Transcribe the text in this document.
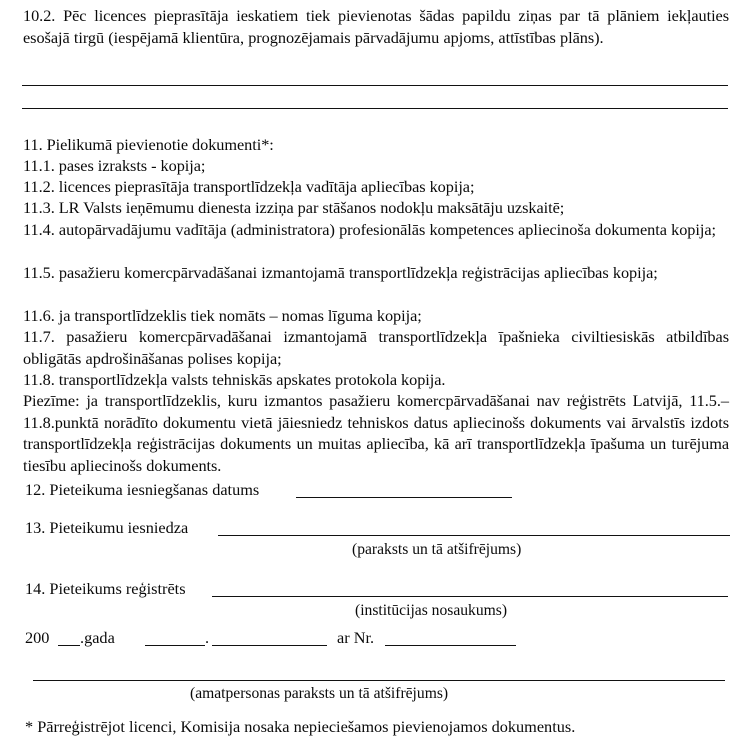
10.2. Pēc licences pieprasītāja ieskatiem tiek pievienotas šādas papildu ziņas par tā plāniem iekļauties esošajā tirgū (iespējamā klientūra, prognozējamais pārvadājumu apjoms, attīstības plāns).
11. Pielikumā pievienotie dokumenti*:
11.1. pases izraksts - kopija;
11.2. licences pieprasītāja transportlīdzekļa vadītāja apliecības kopija;
11.3. LR Valsts ieņēmumu dienesta izziņa par stāšanos nodokļu maksātāju uzskaitē;
11.4. autopārvadājumu vadītāja (administratora) profesionālās kompetences apliecinoša dokumenta kopija;
11.5. pasažieru komercpārvadāšanai izmantojamā transportlīdzekļa reģistrācijas apliecības kopija;
11.6. ja transportlīdzeklis tiek nomāts – nomas līguma kopija;
11.7. pasažieru komercpārvadāšanai izmantojamā transportlīdzekļa īpašnieka civiltiesiskās atbildības obligātās apdrošināšanas polises kopija;
11.8. transportlīdzekļa valsts tehniskās apskates protokola kopija.
Piezīme: ja transportlīdzeklis, kuru izmantos pasažieru komercpārvadāšanai nav reģistrēts Latvijā, 11.5.–11.8.punktā norādīto dokumentu vietā jāiesniedz tehniskos datus apliecinošs dokuments vai ārvalstīs izdots transportlīdzekļa reģistrācijas dokuments un muitas apliecība, kā arī transportlīdzekļa īpašuma un turējuma tiesību apliecinošs dokuments.
12. Pieteikuma iesniegšanas datums
13. Pieteikumu iesniedza
(paraksts un tā atšifrējums)
14. Pieteikums reģistrēts
(institūcijas nosaukums)
200 .gada	.	ar Nr.
(amatpersonas paraksts un tā atšifrējums)
* Pārreģistrējot licenci, Komisija nosaka nepieciešamos pievienojamos dokumentus.
